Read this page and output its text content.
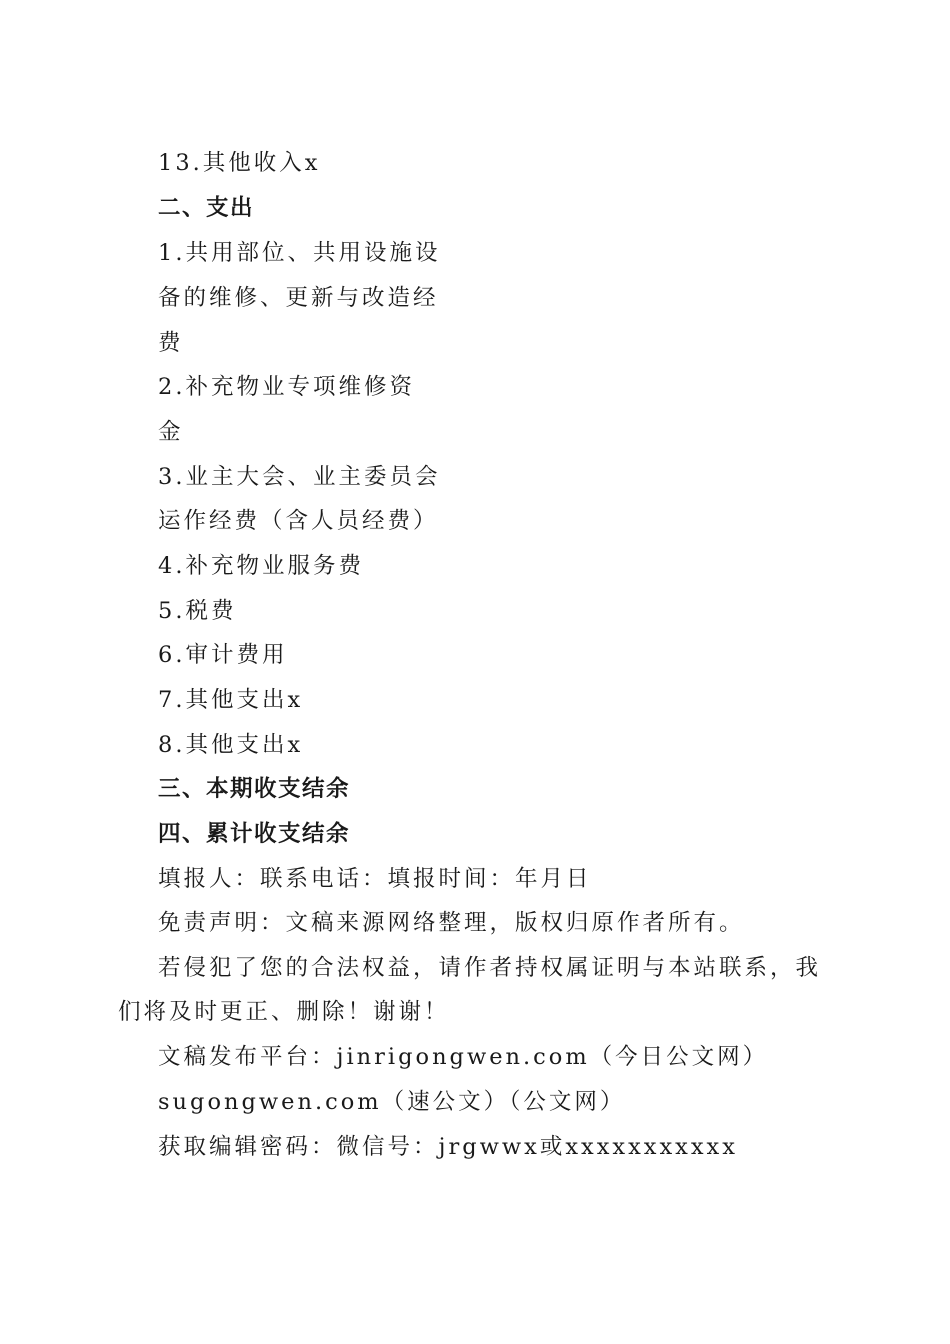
13.其他收入x
二、支出
1.共用部位、共用设施设
备的维修、更新与改造经
费
2.补充物业专项维修资
金
3.业主大会、业主委员会
运作经费（含人员经费）
4.补充物业服务费
5.税费
6.审计费用
7.其他支出x
8.其他支出x
三、本期收支结余
四、累计收支结余
填报人：联系电话：填报时间：年月日
免责声明：文稿来源网络整理，版权归原作者所有。
若侵犯了您的合法权益，请作者持权属证明与本站联系，我
们将及时更正、删除！谢谢！
文稿发布平台：jinrigongwen.com（今日公文网）
sugongwen.com（速公文）（公文网）
获取编辑密码：微信号：jrgwwx或xxxxxxxxxxx
